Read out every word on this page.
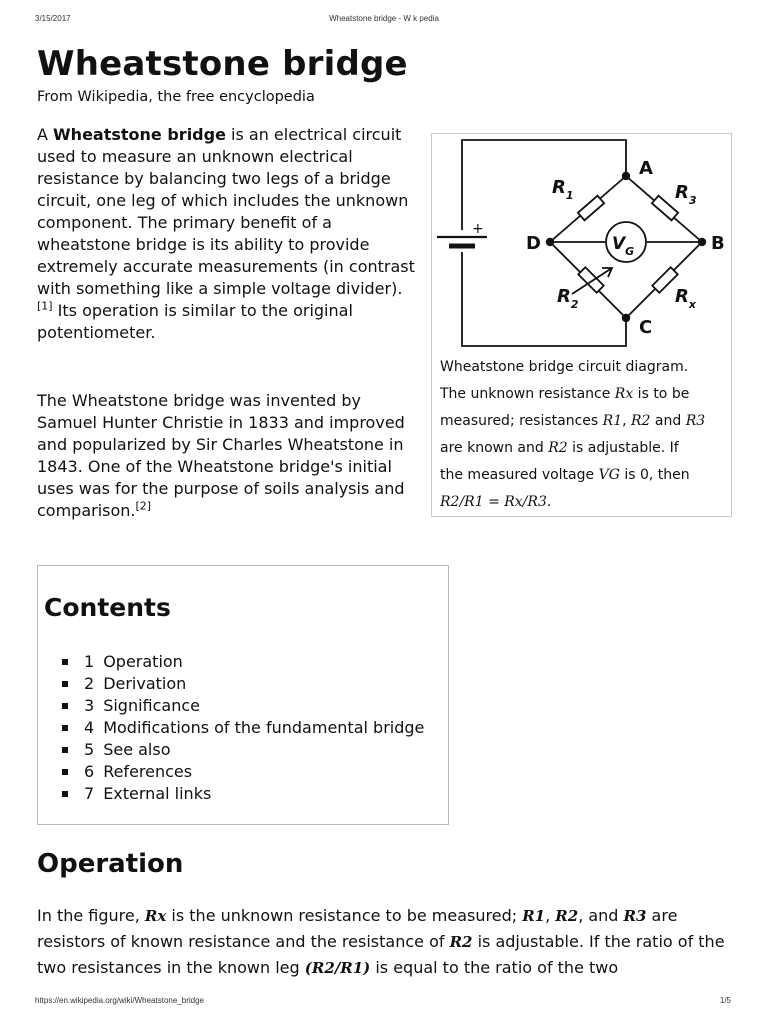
3/15/2017	Wheatstone bridge - W k pedia
Wheatstone bridge

From Wikipedia, the free encyclopedia

A Wheatstone bridge is an electrical circuit used to measure an unknown electrical resistance by balancing two legs of a bridge circuit, one leg of which includes the unknown component. The primary benefit of a wheatstone bridge is its ability to provide extremely accurate measurements (in contrast with something like a simple voltage divider).[1] Its operation is similar to the original potentiometer.

The Wheatstone bridge was invented by Samuel Hunter Christie in 1833 and improved and popularized by Sir Charles Wheatstone in 1843. One of the Wheatstone bridge's initial uses was for the purpose of soils analysis and comparison.[2]

+
$V_G$
A
D	B
C
$R_1$	$R_3$
$R_2$	$R_x$

Wheatstone bridge circuit diagram.
The unknown resistance Rx is to be
measured; resistances R1, R2 and R3
are known and R2 is adjustable. If
the measured voltage VG is 0, then
R2/R1 = Rx/R3.

Contents
1 Operation
2 Derivation
3 Significance
4 Modifications of the fundamental bridge
5 See also
6 References
7 External links
Operation

In the figure, Rx is the unknown resistance to be measured; R1, R2, and R3 are resistors of known resistance and the resistance of R2 is adjustable. If the ratio of the two resistances in the known leg (R2/R1) is equal to the ratio of the two

https://en.wikipedia.org/wiki/Wheatstone_bridge	1/5
